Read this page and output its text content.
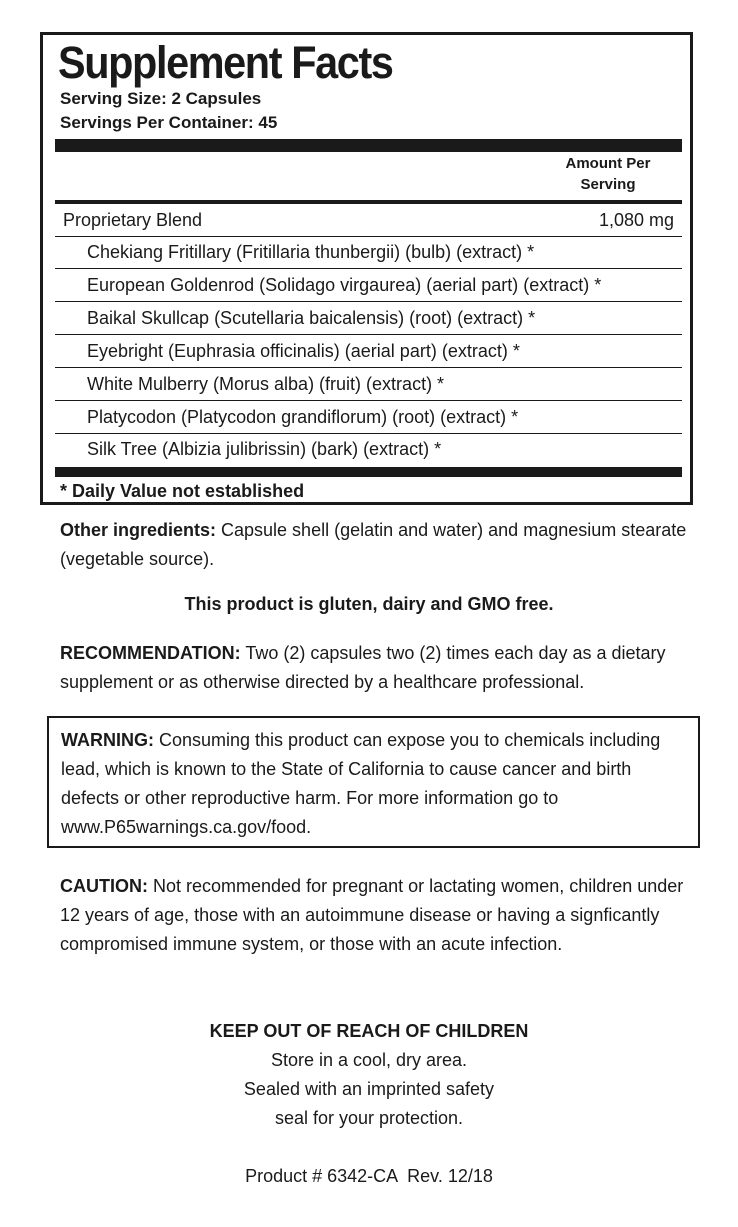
Supplement Facts
Serving Size: 2 Capsules
Servings Per Container: 45
Amount Per
Serving
Proprietary Blend	1,080 mg
Chekiang Fritillary (Fritillaria thunbergii) (bulb) (extract) *
European Goldenrod (Solidago virgaurea) (aerial part) (extract) *
Baikal Skullcap (Scutellaria baicalensis) (root) (extract) *
Eyebright (Euphrasia officinalis) (aerial part) (extract) *
White Mulberry (Morus alba) (fruit) (extract) *
Platycodon (Platycodon grandiflorum) (root) (extract) *
Silk Tree (Albizia julibrissin) (bark) (extract) *
* Daily Value not established
Other ingredients: Capsule shell (gelatin and water) and magnesium stearate (vegetable source).
This product is gluten, dairy and GMO free.
RECOMMENDATION: Two (2) capsules two (2) times each day as a dietary supplement or as otherwise directed by a healthcare professional.
WARNING: Consuming this product can expose you to chemicals including lead, which is known to the State of California to cause cancer and birth defects or other reproductive harm. For more information go to www.P65warnings.ca.gov/food.
CAUTION: Not recommended for pregnant or lactating women, children under 12 years of age, those with an autoimmune disease or having a signficantly compromised immune system, or those with an acute infection.
KEEP OUT OF REACH OF CHILDREN
Store in a cool, dry area.
Sealed with an imprinted safety
seal for your protection.
Product # 6342-CA  Rev. 12/18
